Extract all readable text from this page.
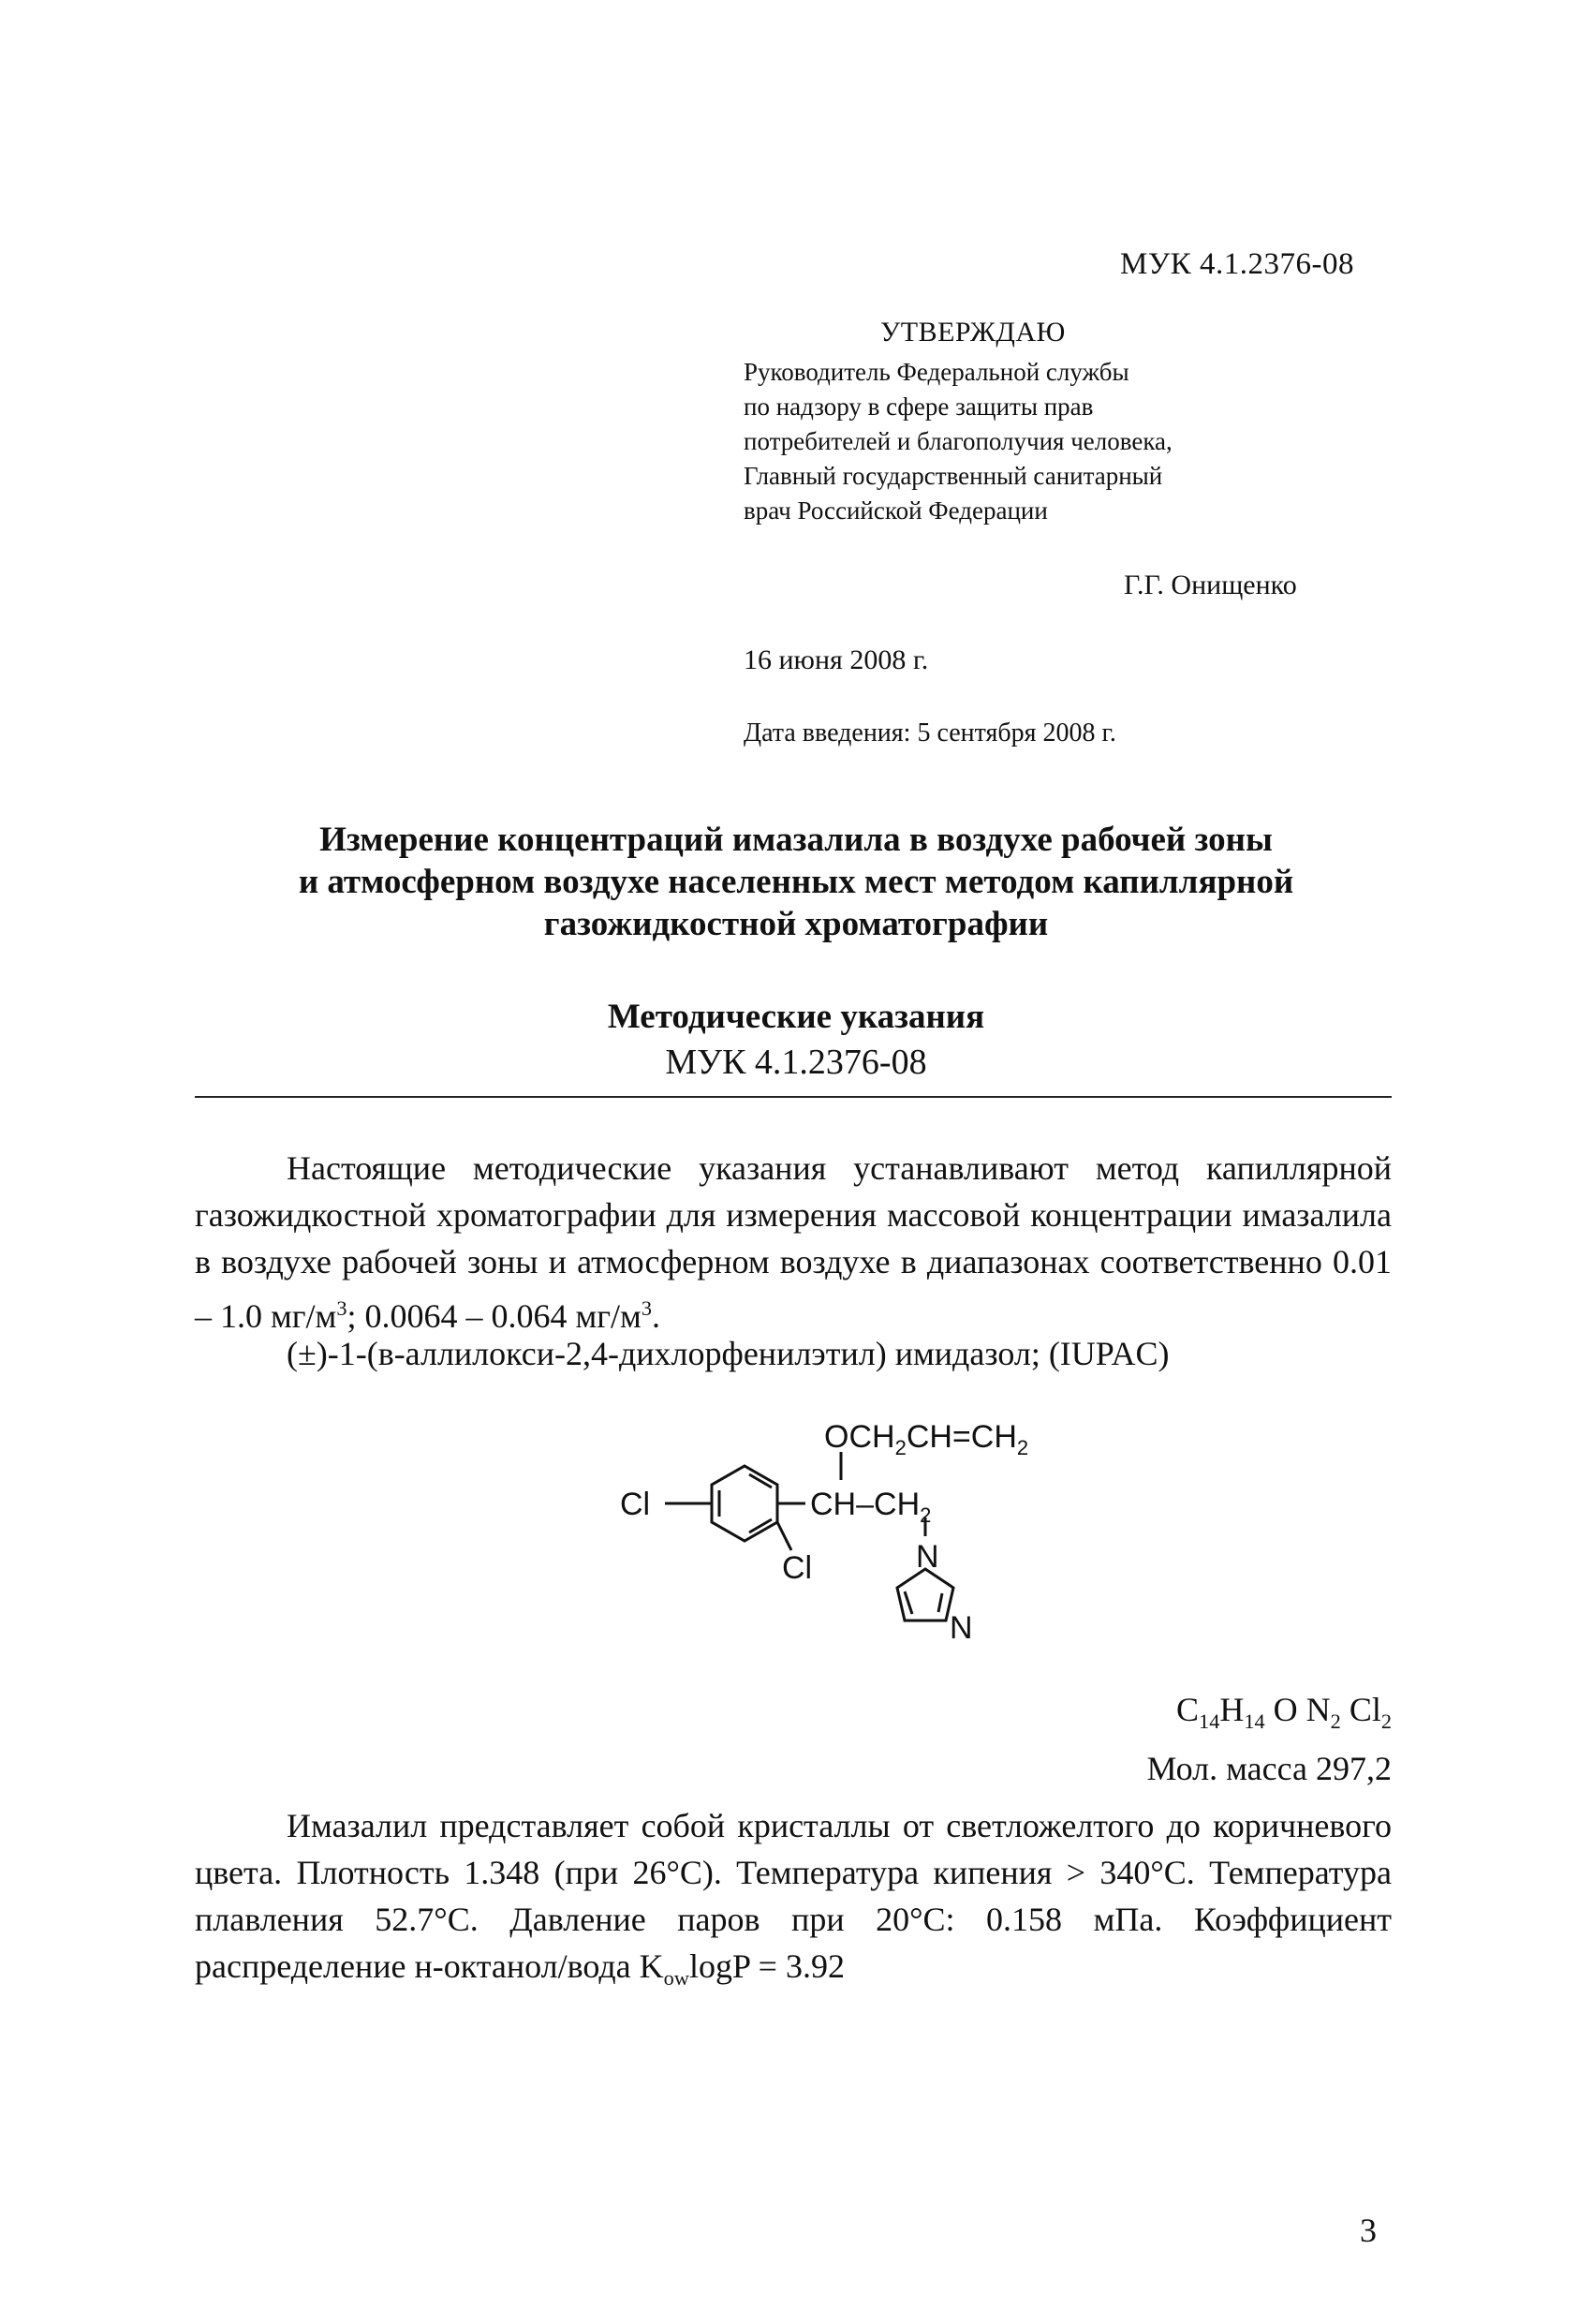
МУК 4.1.2376-08
УТВЕРЖДАЮ
Руководитель Федеральной службы
по надзору в сфере защиты прав
потребителей и благополучия человека,
Главный государственный санитарный
врач Российской Федерации
Г.Г. Онищенко
16 июня 2008 г.
Дата введения: 5 сентября 2008 г.
Измерение концентраций имазалила в воздухе рабочей зоны
и атмосферном воздухе населенных мест методом капиллярной
газожидкостной хроматографии
Методические указания
МУК 4.1.2376-08
Настоящие методические указания устанавливают метод капиллярной газожидкостной хроматографии для измерения массовой концентрации имазалила в воздухе рабочей зоны и атмосферном воздухе в диапазонах соответственно 0.01 – 1.0 $мг/м^3$; 0.0064 – 0.064 $мг/м^3$.
(±)-1-(в-аллилокси-2,4-дихлорфенилэтил) имидазол; (IUPAC)
$OCH_2CH=CH_2$
$CH-CH_2$
Cl
Cl	N
N
$C_{14}H_{14}$ O $N_2$ $Cl_2$
Мол. масса 297,2
Имазалил представляет собой кристаллы от светложелтого до коричневого цвета. Плотность 1.348 (при 26°С). Температура кипения > 340°С. Температура плавления 52.7°С. Давление паров при 20°С: 0.158 мПа. Коэффициент распределение н-октанол/вода $K_{ow}\log P = 3.92$
3
